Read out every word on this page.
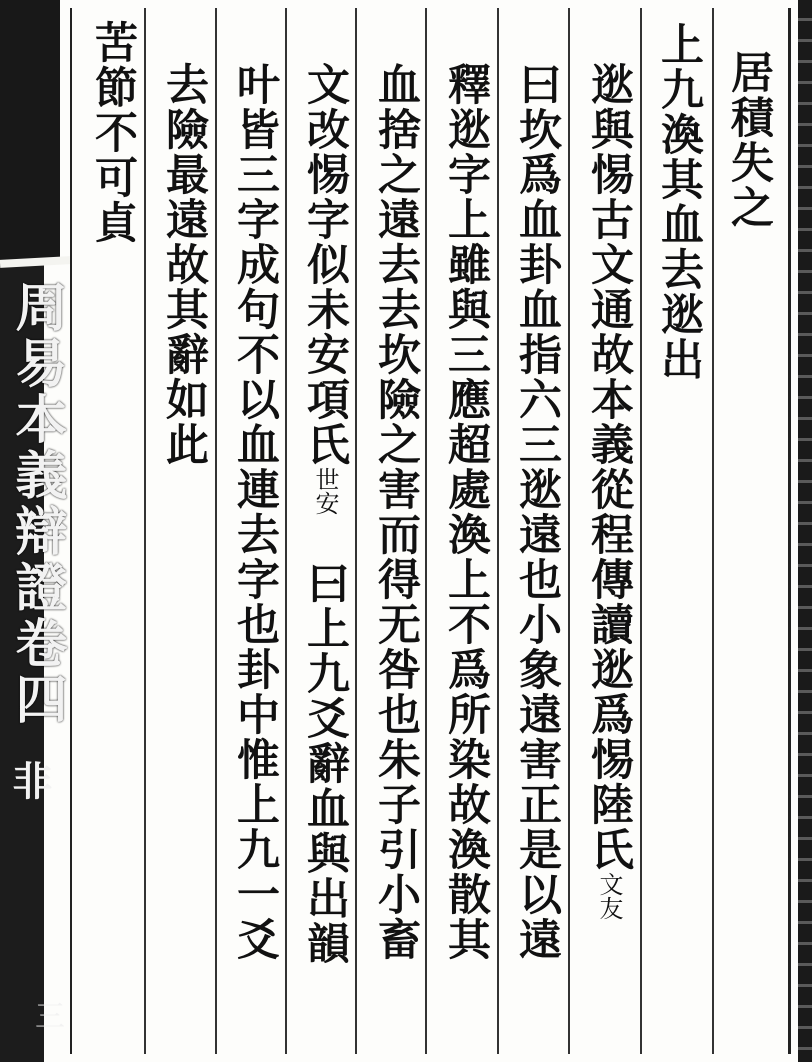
周易本義辯證卷四
非
三
居積失之
上九渙其血去逖出
逖與惕古文通故本義從程傳讀逖爲惕陸氏文友
曰坎爲血卦血指六三逖遠也小象遠害正是以遠
釋逖字上雖與三應超處渙上不爲所染故渙散其
血捨之遠去去坎險之害而得无咎也朱子引小畜
文改惕字似未安項氏世安曰上九爻辭血與出韻
叶皆三字成句不以血連去字也卦中惟上九一爻
去險最遠故其辭如此
苦節不可貞
